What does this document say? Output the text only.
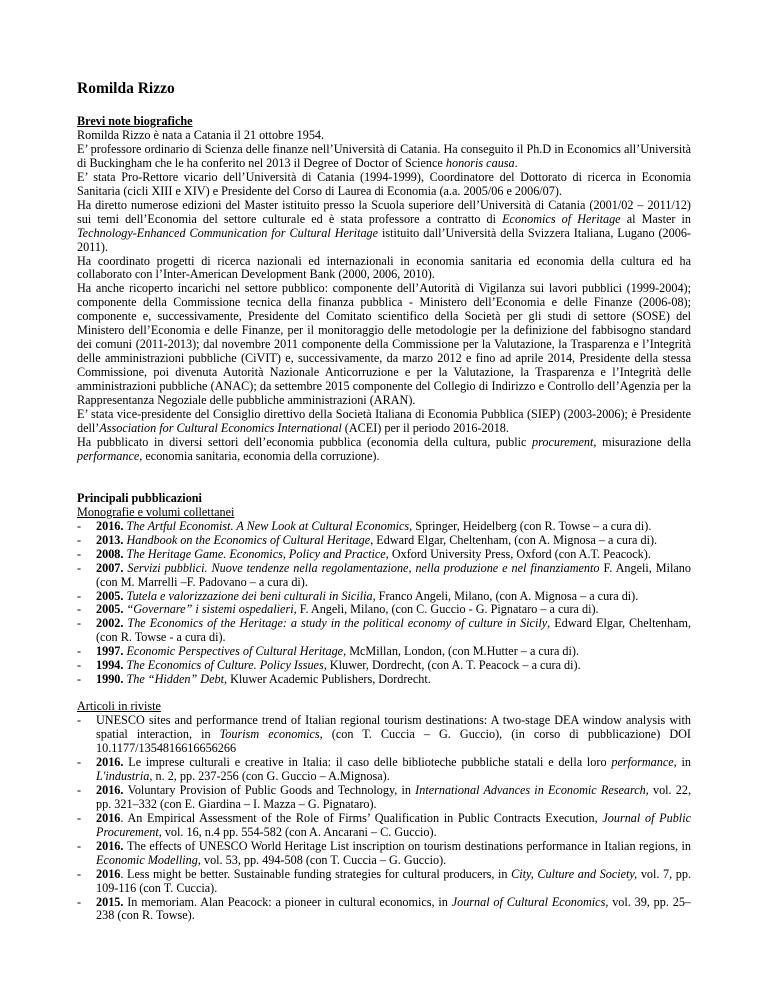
Romilda Rizzo

Brevi note biografiche

Romilda Rizzo è nata a Catania il 21 ottobre 1954.

E’ professore ordinario di Scienza delle finanze nell’Università di Catania. Ha conseguito il Ph.D in Economics all’Università di Buckingham che le ha conferito nel 2013 il Degree of Doctor of Science honoris causa.

E’ stata Pro-Rettore vicario dell’Università di Catania (1994-1999), Coordinatore del Dottorato di ricerca in Economia Sanitaria (cicli XIII e XIV) e Presidente del Corso di Laurea di Economia (a.a. 2005/06 e 2006/07).

Ha diretto numerose edizioni del Master istituito presso la Scuola superiore dell’Università di Catania (2001/02 – 2011/12) sui temi dell’Economia del settore culturale ed è stata professore a contratto di Economics of Heritage al Master in Technology-Enhanced Communication for Cultural Heritage istituito dall’Università della Svizzera Italiana, Lugano (2006-2011).

Ha coordinato progetti di ricerca nazionali ed internazionali in economia sanitaria ed economia della cultura ed ha collaborato con l’Inter-American Development Bank (2000, 2006, 2010).

Ha anche ricoperto incarichi nel settore pubblico: componente dell’Autorità di Vigilanza sui lavori pubblici (1999-2004); componente della Commissione tecnica della finanza pubblica - Ministero dell’Economia e delle Finanze (2006-08); componente e, successivamente, Presidente del Comitato scientifico della Società per gli studi di settore (SOSE) del Ministero dell’Economia e delle Finanze, per il monitoraggio delle metodologie per la definizione del fabbisogno standard dei comuni (2011-2013); dal novembre 2011 componente della Commissione per la Valutazione, la Trasparenza e l’Integrità delle amministrazioni pubbliche (CiVIT) e, successivamente, da marzo 2012 e fino ad aprile 2014, Presidente della stessa Commissione, poi divenuta Autorità Nazionale Anticorruzione e per la Valutazione, la Trasparenza e l’Integrità delle amministrazioni pubbliche (ANAC); da settembre 2015 componente del Collegio di Indirizzo e Controllo dell’Agenzia per la Rappresentanza Negoziale delle pubbliche amministrazioni (ARAN).

E’ stata vice-presidente del Consiglio direttivo della Società Italiana di Economia Pubblica (SIEP) (2003-2006); è Presidente dell’Association for Cultural Economics International (ACEI) per il periodo 2016-2018.

Ha pubblicato in diversi settori dell’economia pubblica (economia della cultura, public procurement, misurazione della performance, economia sanitaria, economia della corruzione).

Principali pubblicazioni

Monografie e volumi collettanei

- 2016. The Artful Economist. A New Look at Cultural Economics, Springer, Heidelberg (con R. Towse – a cura di).
- 2013. Handbook on the Economics of Cultural Heritage, Edward Elgar, Cheltenham, (con A. Mignosa – a cura di).
- 2008. The Heritage Game. Economics, Policy and Practice, Oxford University Press, Oxford (con A.T. Peacock).
- 2007. Servizi pubblici. Nuove tendenze nella regolamentazione, nella produzione e nel finanziamento F. Angeli, Milano (con M. Marrelli –F. Padovano – a cura di).
- 2005. Tutela e valorizzazione dei beni culturali in Sicilia, Franco Angeli, Milano, (con A. Mignosa – a cura di).
- 2005. “Governare” i sistemi ospedalieri, F. Angeli, Milano, (con C. Guccio - G. Pignataro – a cura di).
- 2002. The Economics of the Heritage: a study in the political economy of culture in Sicily, Edward Elgar, Cheltenham, (con R. Towse - a cura di).
- 1997. Economic Perspectives of Cultural Heritage, McMillan, London, (con M.Hutter – a cura di).
- 1994. The Economics of Culture. Policy Issues, Kluwer, Dordrecht, (con A. T. Peacock – a cura di).
- 1990. The “Hidden” Debt, Kluwer Academic Publishers, Dordrecht.

Articoli in riviste

- UNESCO sites and performance trend of Italian regional tourism destinations: A two-stage DEA window analysis with spatial interaction, in Tourism economics, (con T. Cuccia – G. Guccio), (in corso di pubblicazione) DOI 10.1177/1354816616656266
- 2016. Le imprese culturali e creative in Italia: il caso delle biblioteche pubbliche statali e della loro performance, in L'industria, n. 2, pp. 237-256 (con G. Guccio – A.Mignosa).
- 2016. Voluntary Provision of Public Goods and Technology, in International Advances in Economic Research, vol. 22, pp. 321–332 (con E. Giardina – I. Mazza – G. Pignataro).
- 2016. An Empirical Assessment of the Role of Firms’ Qualification in Public Contracts Execution, Journal of Public Procurement, vol. 16, n.4 pp. 554-582 (con A. Ancarani – C. Guccio).
- 2016. The effects of UNESCO World Heritage List inscription on tourism destinations performance in Italian regions, in Economic Modelling, vol. 53, pp. 494-508 (con T. Cuccia – G. Guccio).
- 2016. Less might be better. Sustainable funding strategies for cultural producers, in City, Culture and Society, vol. 7, pp. 109-116 (con T. Cuccia).
- 2015. In memoriam. Alan Peacock: a pioneer in cultural economics, in Journal of Cultural Economics, vol. 39, pp. 25–238 (con R. Towse).
